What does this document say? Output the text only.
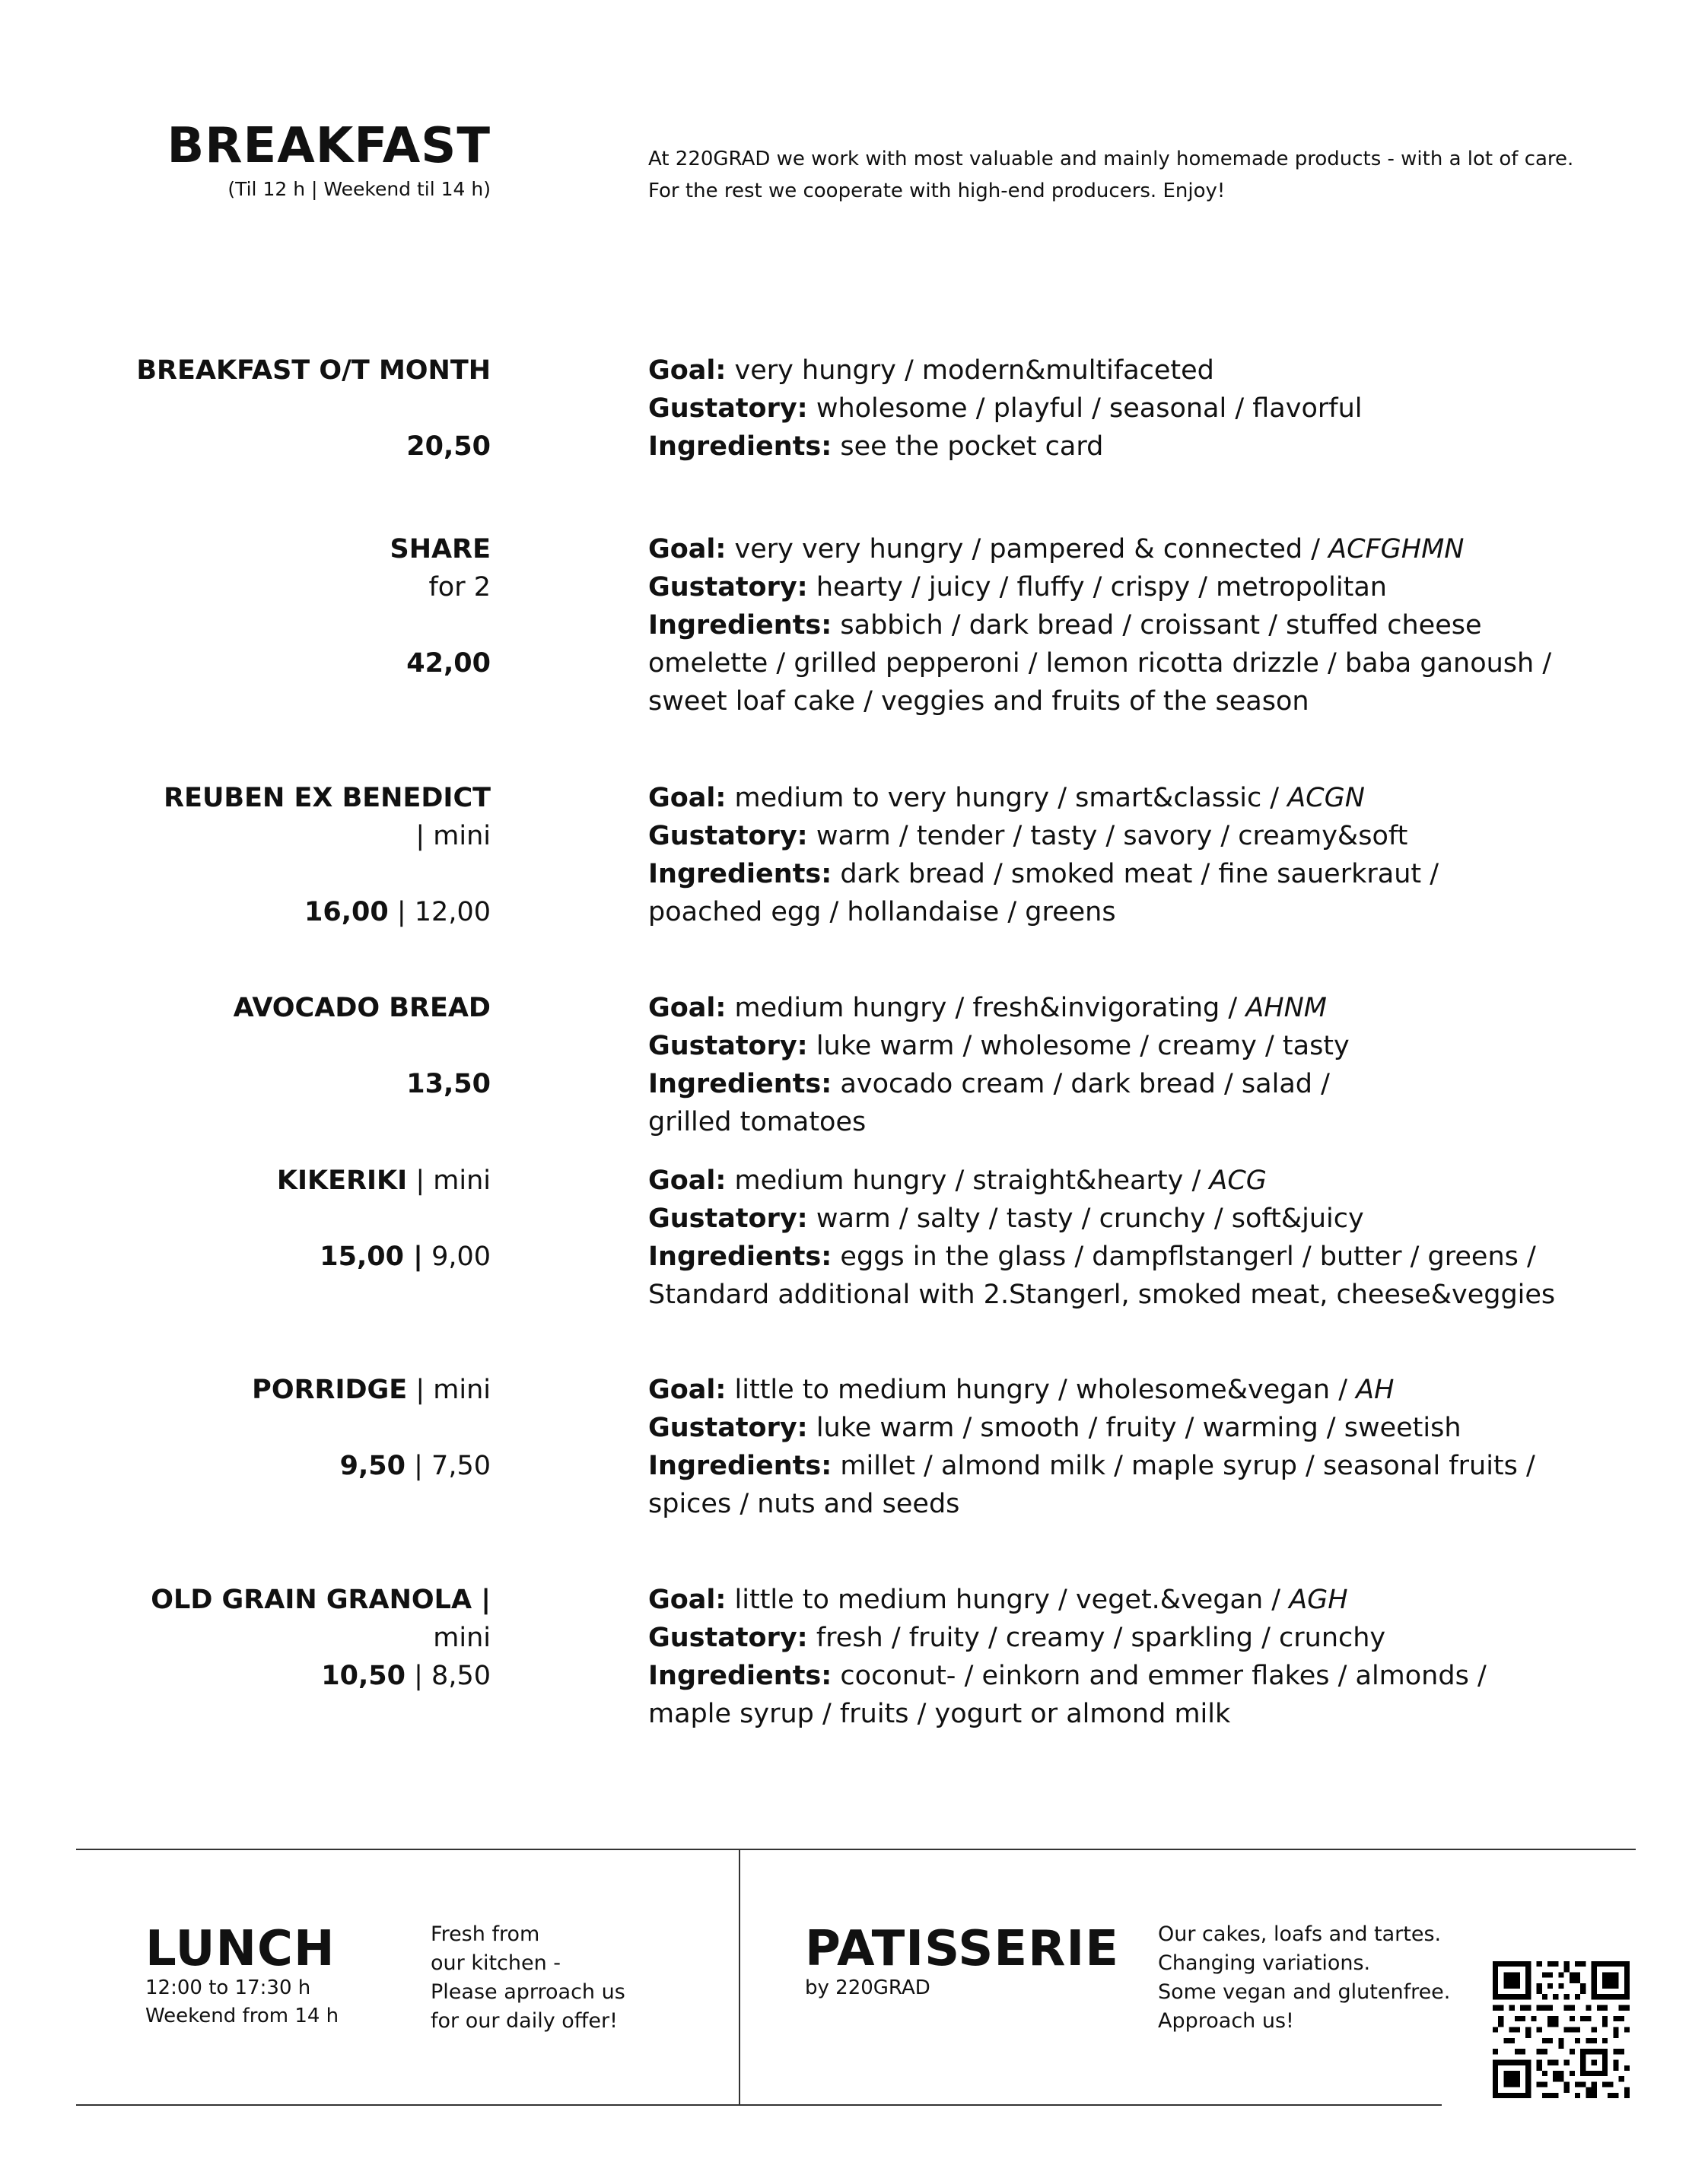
BREAKFAST
(Til 12 h | Weekend til 14 h)
At 220GRAD we work with most valuable and mainly homemade products - with a lot of care.
For the rest we cooperate with high-end producers. Enjoy!
BREAKFAST O/T MONTH
20,50
Goal: very hungry / modern&multifaceted
Gustatory: wholesome / playful / seasonal / flavorful
Ingredients: see the pocket card
SHARE
for 2
42,00
Goal: very very hungry / pampered & connected / ACFGHMN
Gustatory: hearty / juicy / fluffy / crispy / metropolitan
Ingredients: sabbich / dark bread / croissant / stuffed cheese
omelette / grilled pepperoni / lemon ricotta drizzle / baba ganoush /
sweet loaf cake / veggies and fruits of the season
REUBEN EX BENEDICT
| mini
16,00 | 12,00
Goal: medium to very hungry / smart&classic / ACGN
Gustatory: warm / tender / tasty / savory / creamy&soft
Ingredients: dark bread / smoked meat / fine sauerkraut /
poached egg / hollandaise / greens
AVOCADO BREAD
13,50
Goal: medium hungry / fresh&invigorating / AHNM
Gustatory: luke warm / wholesome / creamy / tasty
Ingredients: avocado cream / dark bread / salad /
grilled tomatoes
KIKERIKI | mini
15,00 | 9,00
Goal: medium hungry / straight&hearty / ACG
Gustatory: warm / salty / tasty / crunchy / soft&juicy
Ingredients: eggs in the glass / dampflstangerl / butter / greens /
Standard additional with 2.Stangerl, smoked meat, cheese&veggies
PORRIDGE | mini
9,50 | 7,50
Goal: little to medium hungry / wholesome&vegan / AH
Gustatory: luke warm / smooth / fruity / warming / sweetish
Ingredients: millet / almond milk / maple syrup / seasonal fruits /
spices / nuts and seeds
OLD GRAIN GRANOLA |
mini
10,50 | 8,50
Goal: little to medium hungry / veget.&vegan / AGH
Gustatory: fresh / fruity / creamy / sparkling / crunchy
Ingredients: coconut- / einkorn and emmer flakes / almonds /
maple syrup / fruits / yogurt or almond milk
LUNCH
12:00 to 17:30 h
Weekend from 14 h
Fresh from
our kitchen -
Please aprroach us
for our daily offer!
PATISSERIE
by 220GRAD
Our cakes, loafs and tartes.
Changing variations.
Some vegan and glutenfree.
Approach us!
